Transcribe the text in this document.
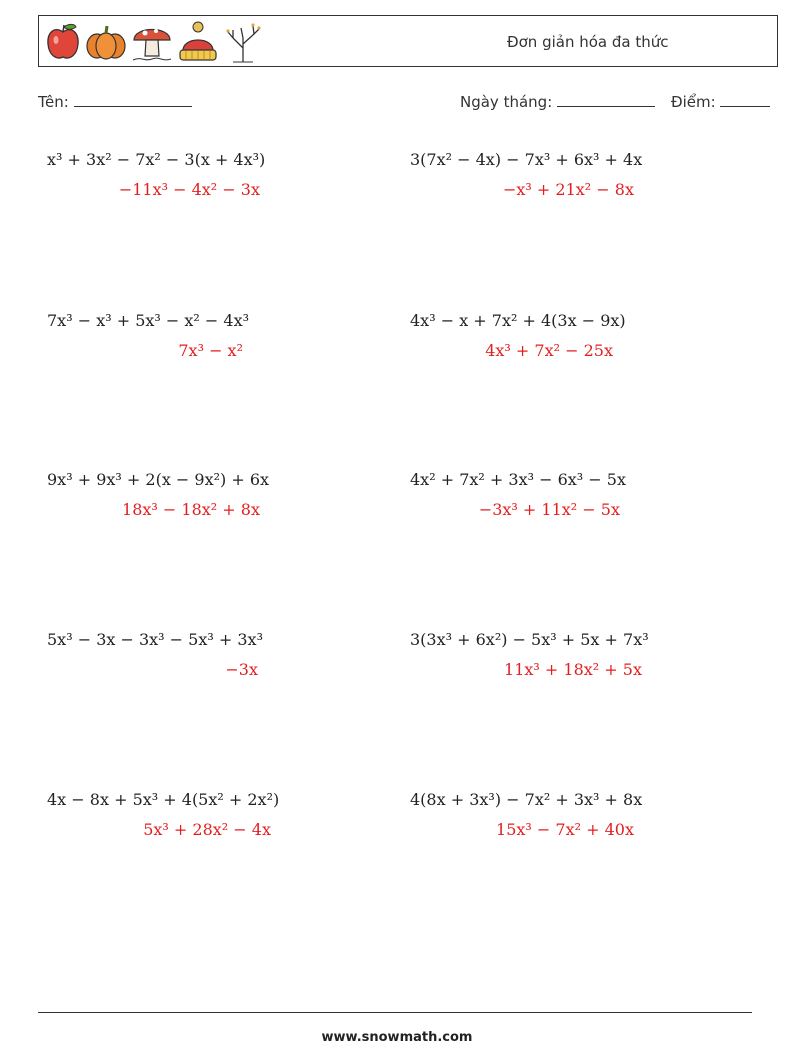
Đơn giản hóa đa thức
Tên:	Ngày tháng:	Điểm:
x³ + 3x² − 7x² − 3(x + 4x³)
−11x³ − 4x² − 3x
3(7x² − 4x) − 7x³ + 6x³ + 4x
−x³ + 21x² − 8x
7x³ − x³ + 5x³ − x² − 4x³
7x³ − x²
4x³ − x + 7x² + 4(3x − 9x)
4x³ + 7x² − 25x
9x³ + 9x³ + 2(x − 9x²) + 6x
18x³ − 18x² + 8x
4x² + 7x² + 3x³ − 6x³ − 5x
−3x³ + 11x² − 5x
5x³ − 3x − 3x³ − 5x³ + 3x³
−3x
3(3x³ + 6x²) − 5x³ + 5x + 7x³
11x³ + 18x² + 5x
4x − 8x + 5x³ + 4(5x² + 2x²)
5x³ + 28x² − 4x
4(8x + 3x³) − 7x² + 3x³ + 8x
15x³ − 7x² + 40x
www.snowmath.com
